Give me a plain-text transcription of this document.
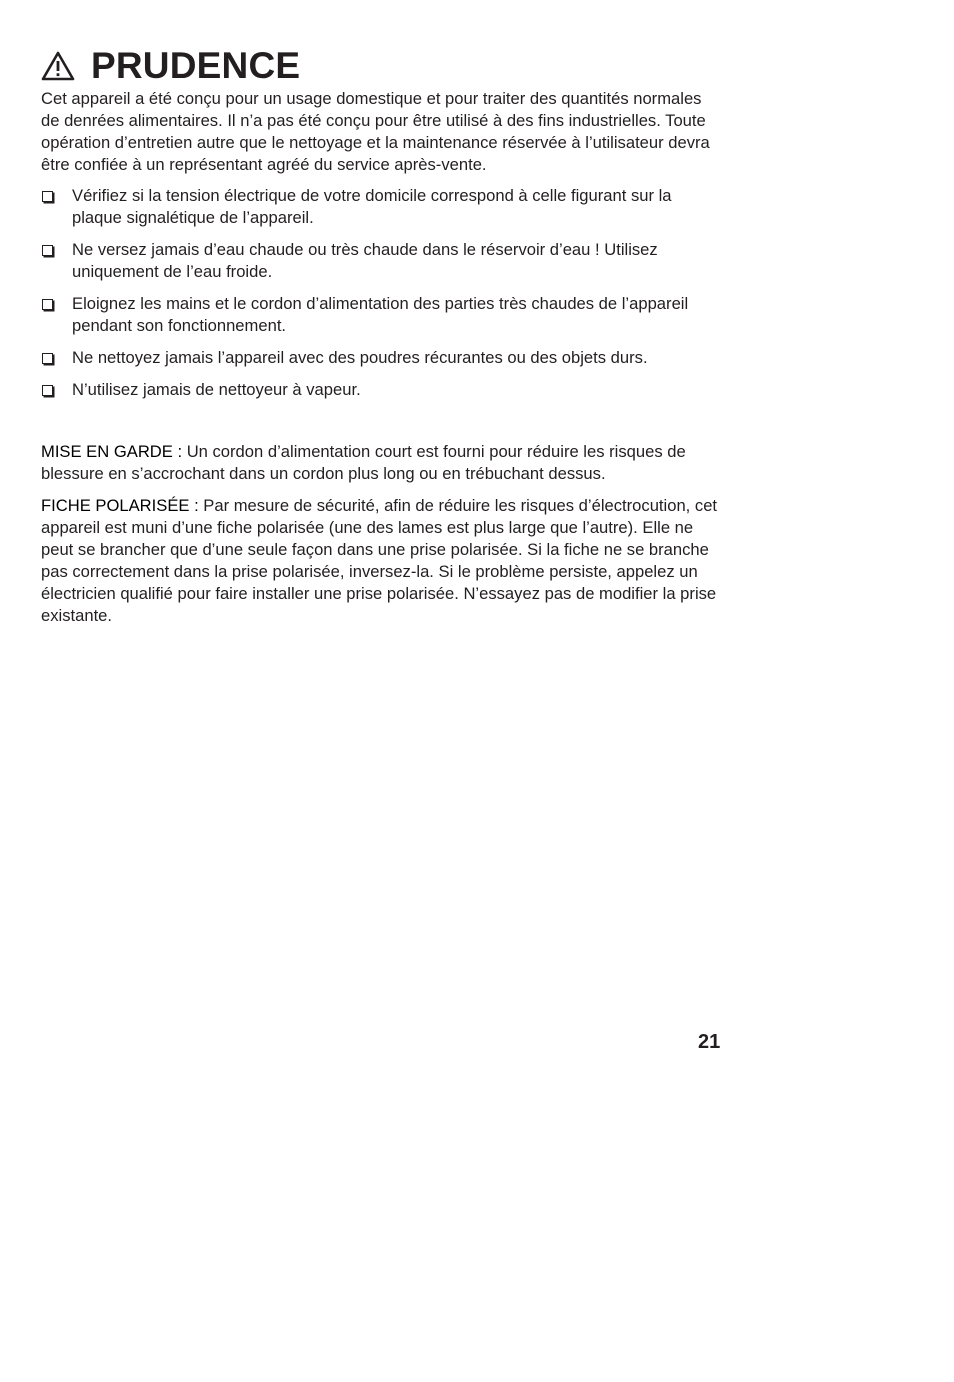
PRUDENCE

Cet appareil a été conçu pour un usage domestique et pour traiter des quantités normales de denrées alimentaires. Il n’a pas été conçu pour être utilisé à des fins industrielles. Toute opération d’entretien autre que le nettoyage et la maintenance réservée à l’utilisateur devra être confiée à un représentant agréé du service après-vente.

Vérifiez si la tension électrique de votre domicile correspond à celle figurant sur la plaque signalétique de l’appareil.
Ne versez jamais d’eau chaude ou très chaude dans le réservoir d’eau ! Utilisez uniquement de l’eau froide.
Eloignez les mains et le cordon d’alimentation des parties très chaudes de l’appareil pendant son fonctionnement.
Ne nettoyez jamais l’appareil avec des poudres récurantes ou des objets durs.
N’utilisez jamais de nettoyeur à vapeur.

MISE EN GARDE : Un cordon d’alimentation court est fourni pour réduire les risques de blessure en s’accrochant dans un cordon plus long ou en trébuchant dessus.

FICHE POLARISÉE : Par mesure de sécurité, afin de réduire les risques d’électrocution, cet appareil est muni d’une fiche polarisée (une des lames est plus large que l’autre). Elle ne peut se brancher que d’une seule façon dans une prise polarisée. Si la fiche ne se branche pas correctement dans la prise polarisée, inversez-la. Si le problème persiste, appelez un électricien qualifié pour faire installer une prise polarisée. N’essayez pas de modifier la prise existante.

21
